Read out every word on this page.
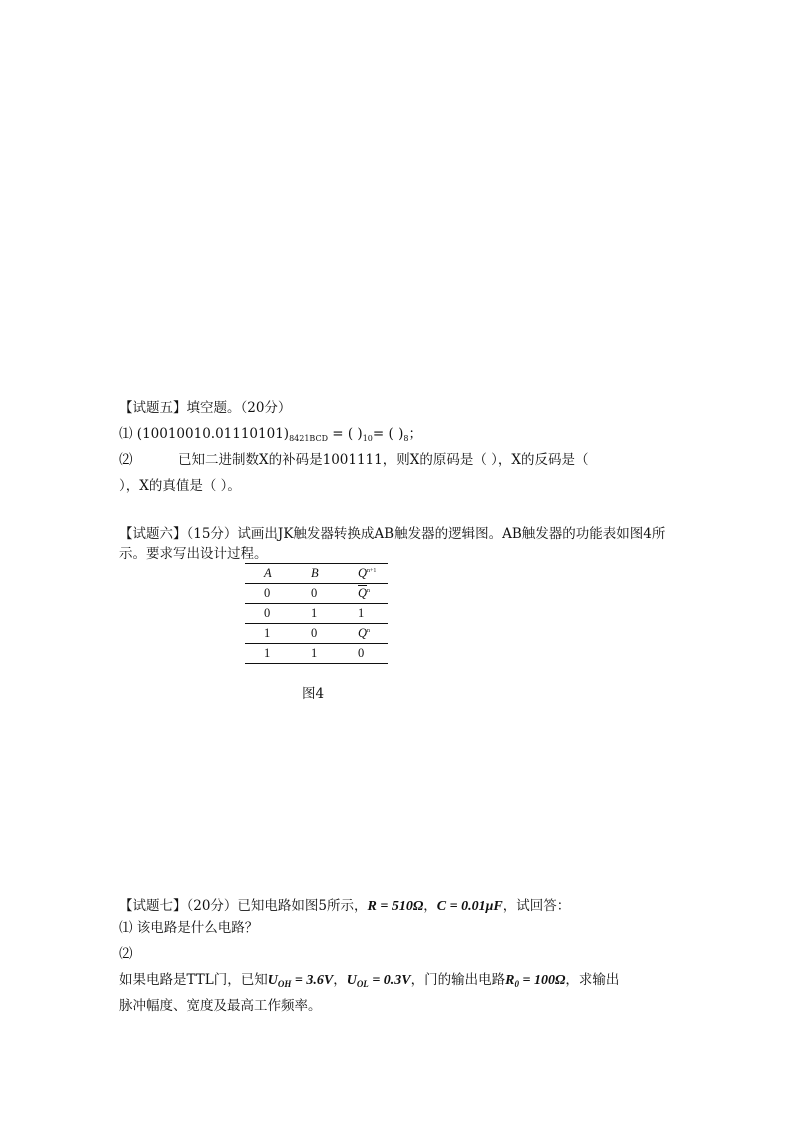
【试题五】填空题。（20分）
⑴ $(10010010.01110101)_{8421BCD}$ = ( )$_{10}=$ ( )$_8$；
⑵	已知二进制数X的补码是1001111，则X的原码是（ ），X的反码是（
），X的真值是（ ）。
【试题六】（15分）试画出JK触发器转换成AB触发器的逻辑图。AB触发器的功能表如图4所
示。要求写出设计过程。
A	B	$Q^{n+1}$
0	0	$\overline{Q}^n$
0	1	1
1	0	$Q^n$
1	1	0
图4
【试题七】（20分）已知电路如图5所示，R = 510Ω，C = 0.01μF，试回答：
⑴ 该电路是什么电路？
⑵
如果电路是TTL门，已知$U_{OH} = 3.6V$，$U_{OL} = 0.3V$，门的输出电路$R_0 = 100\Omega$，求输出
脉冲幅度、宽度及最高工作频率。
